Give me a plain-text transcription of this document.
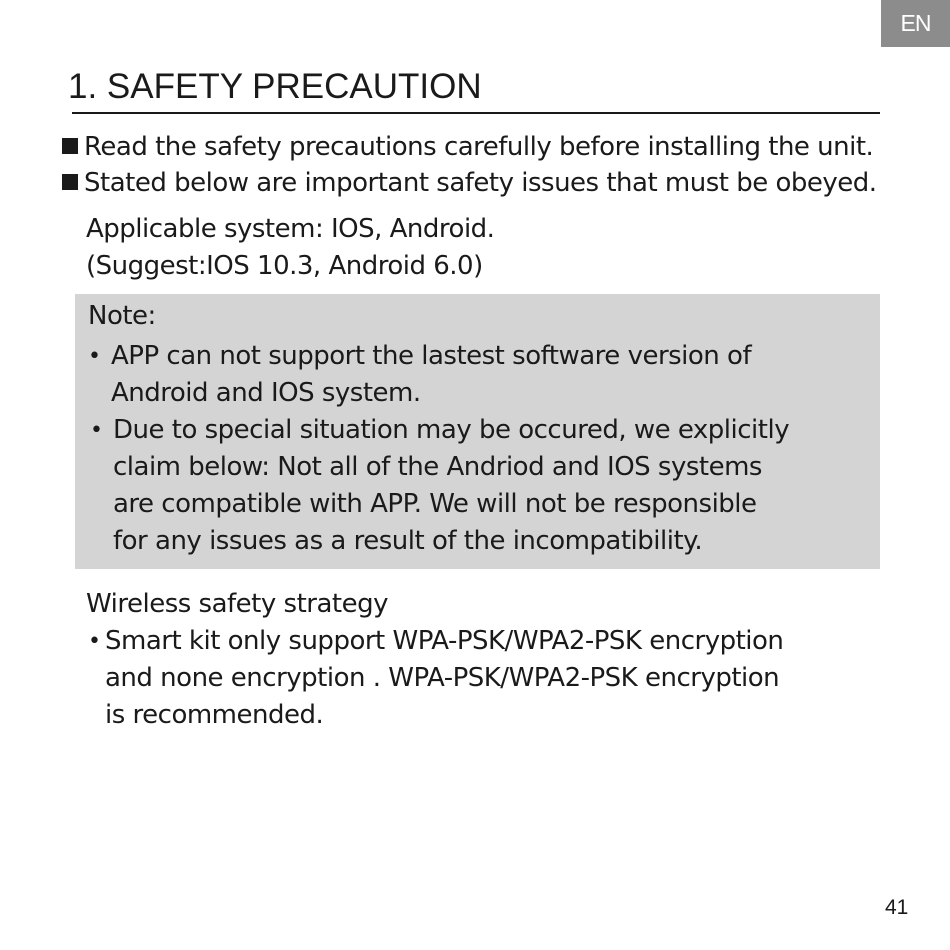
EN
1. SAFETY PRECAUTION
Read the safety precautions carefully before installing the unit.
Stated below are important safety issues that must be obeyed.
Applicable system: IOS, Android.
(Suggest:IOS 10.3, Android 6.0)
Note:
• APP can not support the lastest software version of
Android and IOS system.
• Due to special situation may be occured, we explicitly
claim below: Not all of the Andriod and IOS systems
are compatible with APP. We will not be responsible
for any issues as a result of the incompatibility.
Wireless safety strategy
• Smart kit only support WPA-PSK/WPA2-PSK encryption
and none encryption . WPA-PSK/WPA2-PSK encryption
is recommended.
41
